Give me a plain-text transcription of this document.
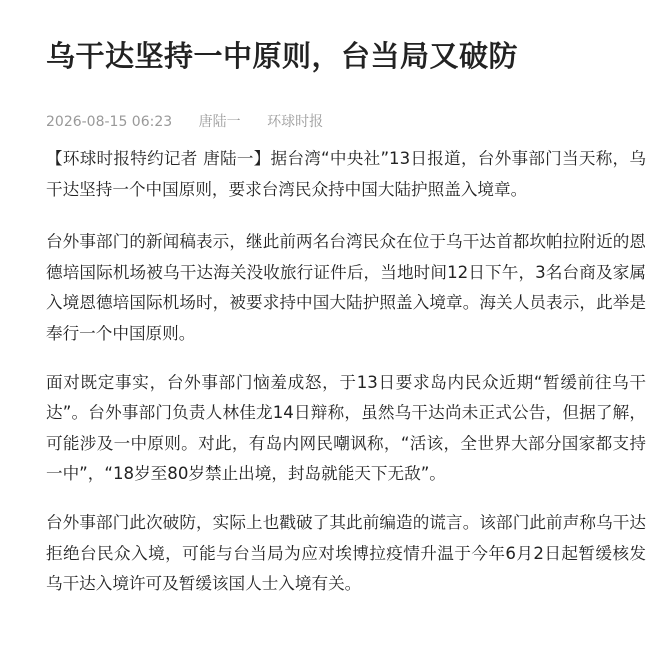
乌干达坚持一中原则，台当局又破防
2026-08-15 06:23 唐陆一 环球时报

【环球时报特约记者 唐陆一】据台湾“中央社”13日报道，台外事部门当天称，乌干达坚持一个中国原则，要求台湾民众持中国大陆护照盖入境章。

台外事部门的新闻稿表示，继此前两名台湾民众在位于乌干达首都坎帕拉附近的恩德培国际机场被乌干达海关没收旅行证件后，当地时间12日下午，3名台商及家属入境恩德培国际机场时，被要求持中国大陆护照盖入境章。海关人员表示，此举是奉行一个中国原则。

面对既定事实，台外事部门恼羞成怒，于13日要求岛内民众近期“暂缓前往乌干达”。台外事部门负责人林佳龙14日辩称，虽然乌干达尚未正式公告，但据了解，可能涉及一中原则。对此，有岛内网民嘲讽称，“活该，全世界大部分国家都支持一中”，“18岁至80岁禁止出境，封岛就能天下无敌”。

台外事部门此次破防，实际上也戳破了其此前编造的谎言。该部门此前声称乌干达拒绝台民众入境，可能与台当局为应对埃博拉疫情升温于今年6月2日起暂缓核发乌干达入境许可及暂缓该国人士入境有关。
